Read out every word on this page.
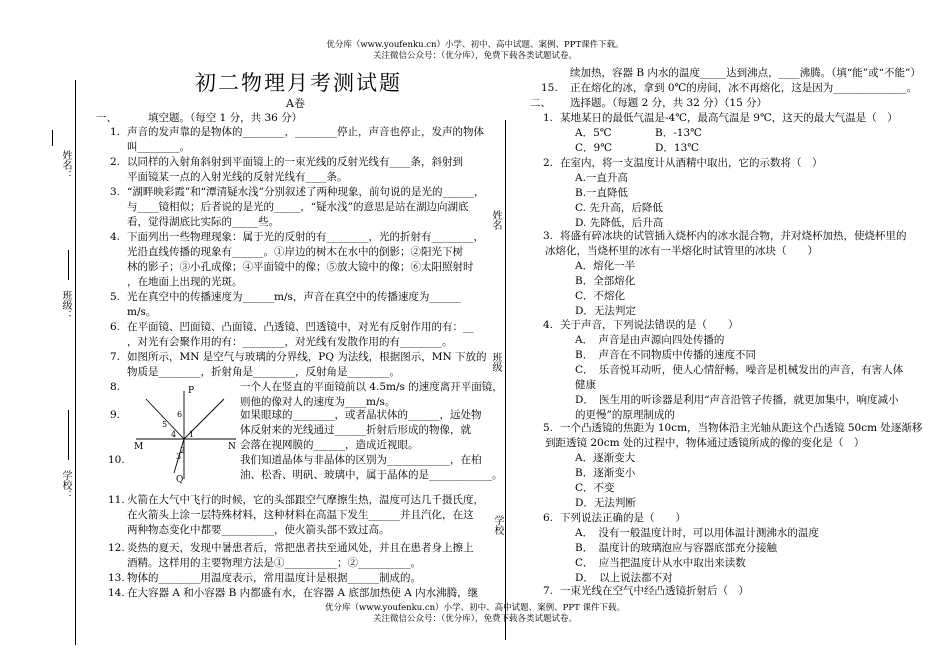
优分库（www.youfenku.cn）小学、初中、高中试题、案例、PPT课件下载。
关注微信公众号：（优分库），免费下载各类试题试卷。
姓名：
班级：
学校：
姓名
班级
学校
初二物理月考测试题
A卷
一、	填空题。（每空 1 分，共 36 分）
1. 声音的发声靠的是物体的________，________停止，声音也停止，发声的物体
叫________。
2. 以同样的入射角斜射到平面镜上的一束光线的反射光线有____条，斜射到
平面镜某一点的入射光线的反射光线有____条。
3. “湖畔映彩霞”和“潭清疑水浅”分别叙述了两种现象，前句说的是光的______，
与____镜相似；后者说的是光的_____，“疑水浅”的意思是站在湖边向湖底
看，觉得湖底比实际的_____些。
4. 下面列出一些物理现象：属于光的反射的有________，光的折射有________，
光沿直线传播的现象有______。①岸边的树木在水中的倒影；②阳光下树
林的影子；③小孔成像；④平面镜中的像；⑤放大镜中的像；⑥太阳照射时
，在地面上出现的光斑。
5. 光在真空中的传播速度为______m/s，声音在真空中的传播速度为______
m/s。
6. 在平面镜、凹面镜、凸面镜、凸透镜、凹透镜中，对光有反射作用的有：__
，对光有会聚作用的有：________，对光线有发散作用的有________。
7. 如图所示，MN 是空气与玻璃的分界线，PQ 为法线，根据图示，MN 下放的
物质是________，折射角是________，反射角是________。
8.	一个人在竖直的平面镜前以 4.5m/s 的速度离开平面镜，
则他的像对人的速度为____m/s。
9.	如果眼球的________，或者晶状体的______，远处物
体反射来的光线通过______折射后形成的物像，就
会落在视网膜的______，造成近视眼。
10.	我们知道晶体与非晶体的区别为____________，在柏
油、松香、明矾、玻璃中，属于晶体的是____________。
11. 火箭在大气中飞行的时候，它的头部跟空气摩擦生热，温度可达几千摄氏度，
在火箭头上涂一层特殊材料，这种材料在高温下发生______并且汽化，在这
两种物态变化中都要__________，使火箭头部不致过高。
12. 炎热的夏天，发现中暑患者后，常把患者扶至通风处，并且在患者身上擦上
酒精。这样用的主要物理方法是①__________；②__________。
13. 物体的________用温度表示，常用温度计是根据______制成的。
14. 在大容器 A 和小容器 B 内都盛有水，在容器 A 底部加热使 A 内水沸腾，继
P
Q
M	N
1
2
3
4
5
6
续加热，容器 B 内水的温度_____达到沸点，____沸腾。（填“能”或“不能”）
15. 正在熔化的冰，拿到 0℃的房间，冰不再熔化，这是因为______________。
二、 选择题。（每题 2 分，共 32 分）（15 分）
1. 某地某日的最低气温是-4℃，最高气温是 9℃，这天的最大气温是（　）
A．5℃	B．-13℃
C．9℃	D．13℃
2. 在室内，将一支温度计从酒精中取出，它的示数将（　）
A.一直升高
B.一直降低
C. 先升高，后降低
D. 先降低，后升高
3. 将盛有碎冰块的试管插入烧杯内的冰水混合物，并对烧杯加热，使烧杯里的
冰熔化，当烧杯里的冰有一半熔化时试管里的冰块（　　）
A．熔化一半
B．全部熔化
C．不熔化
D．无法判定
4. 关于声音，下列说法错误的是（　　）
A．　声音是由声源向四处传播的
B．　声音在不同物质中传播的速度不同
C．　乐音悦耳动听，使人心情舒畅，噪音是机械发出的声音，有害人体
健康
D．　医生用的听诊器是利用“声音沿管子传播，就更加集中，响度减小
的更慢”的原理制成的
5. 一个凸透镜的焦距为 10cm，当物体沿主光轴从距这个凸透镜 50cm 处逐渐移
到距透镜 20cm 处的过程中，物体通过透镜所成的像的变化是（　）
A．逐渐变大
B．逐渐变小
C．不变
D．无法判断
6. 下列说法正确的是（　　）
A．　没有一般温度计时，可以用体温计测沸水的温度
B．　温度计的玻璃泡应与容器底部充分接触
C．　应当把温度计从水中取出来读数
D．　以上说法都不对
7. 一束光线在空气中经凸透镜折射后（　）
优分库（www.youfenku.cn）小学、初中、高中试题、案例、PPT 课件下载。
关注微信公众号：（优分库），免费下载各类试题试卷。
